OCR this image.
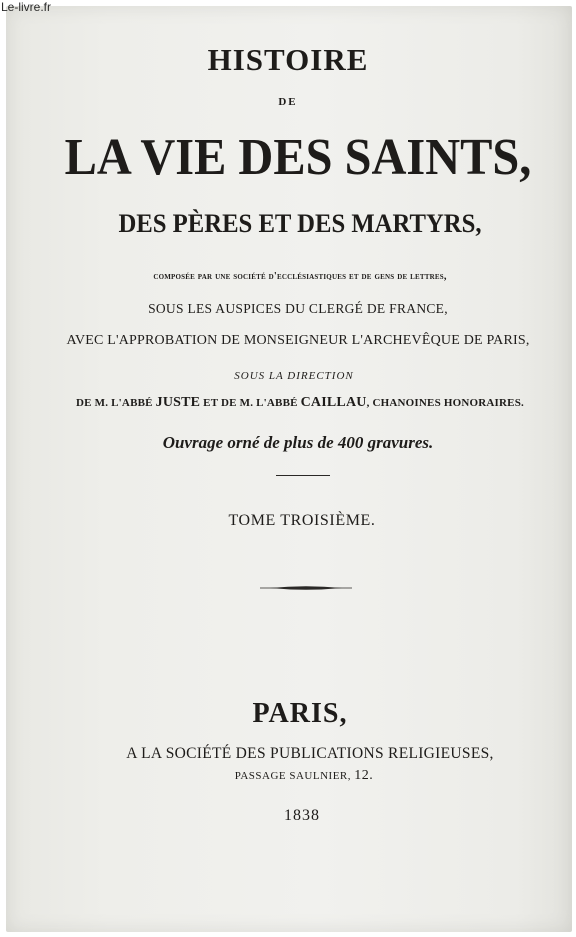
Le-livre.fr
HISTOIRE
DE
LA VIE DES SAINTS,
DES PÈRES ET DES MARTYRS,
composée par une société d'ecclésiastiques et de gens de lettres,
SOUS LES AUSPICES DU CLERGÉ DE FRANCE,
AVEC L'APPROBATION DE MONSEIGNEUR L'ARCHEVÊQUE DE PARIS,
SOUS LA DIRECTION
DE M. L'ABBÉ JUSTE ET DE M. L'ABBÉ CAILLAU, CHANOINES HONORAIRES.
Ouvrage orné de plus de 400 gravures.
TOME TROISIÈME.
PARIS,
A LA SOCIÉTÉ DES PUBLICATIONS RELIGIEUSES,
PASSAGE SAULNIER, 12.
1838
